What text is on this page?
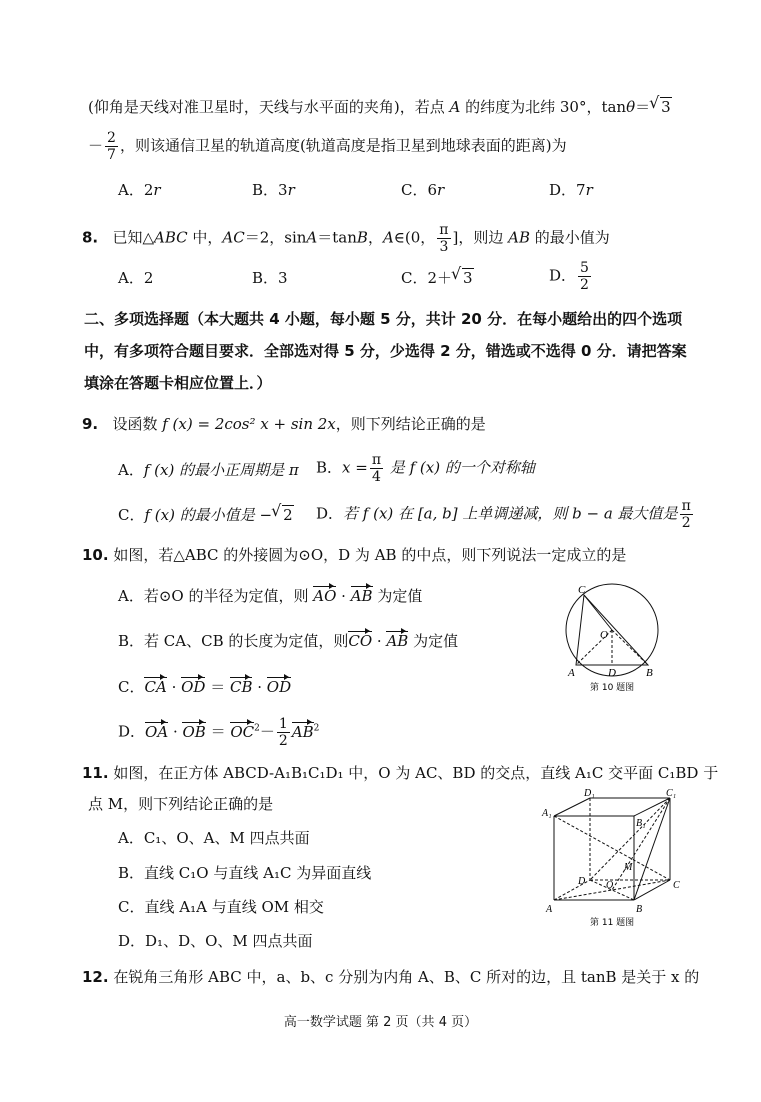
(仰角是天线对准卫星时，天线与水平面的夹角)，若点 A 的纬度为北纬 30°，tanθ＝ √ 3
－ $\frac{2}{7}$ ，则该通信卫星的轨道高度(轨道高度是指卫星到地球表面的距离)为
A．2r	B．3r	C．6r	D．7r
8. 已知△ABC 中，AC＝2，sinA＝tanB，A∈(0， $\frac{\pi}{3}$ ]，则边 AB 的最小值为
A．2	B．3	C．2＋ √ 3	D． $\frac{5}{2}$
二、多项选择题（本大题共 4 小题，每小题 5 分，共计 20 分．在每小题给出的四个选项
中，有多项符合题目要求．全部选对得 5 分，少选得 2 分，错选或不选得 0 分．请把答案
填涂在答题卡相应位置上．）
9. 设函数 f (x) = 2cos² x + sin 2x，则下列结论正确的是
A．f (x) 的最小正周期是 π B．$x = \frac{\pi}{4}$ 是 f (x) 的一个对称轴
C．f (x) 的最小值是 − √ 2 D．若 f (x) 在 [a, b] 上单调递减，则 b − a 最大值是 $\frac{\pi}{2}$
10. 如图，若△ABC 的外接圆为⊙O，D 为 AB 的中点，则下列说法一定成立的是
A．若⊙O 的半径为定值，则 AO · AB 为定值
B．若 CA、CB 的长度为定值，则CO · AB 为定值
C．CA · OD ＝ CB · OD
D．OA · OB ＝ $OC^2- \frac{1}{2} AB^2$
C
O
A	D	B
第 10 题图
11. 如图，在正方体 ABCD-A₁B₁C₁D₁ 中，O 为 AC、BD 的交点，直线 A₁C 交平面 C₁BD 于
点 M，则下列结论正确的是
A．C₁、O、A、M 四点共面
B．直线 C₁O 与直线 A₁C 为异面直线
C．直线 A₁A 与直线 OM 相交
D．D₁、D、O、M 四点共面
D₁	C₁
A₁
B₁
D	C
A	B
O
M
第 11 题图
12. 在锐角三角形 ABC 中，a、b、c 分别为内角 A、B、C 所对的边，且 tanB 是关于 x 的
高一数学试题 第 2 页（共 4 页）
